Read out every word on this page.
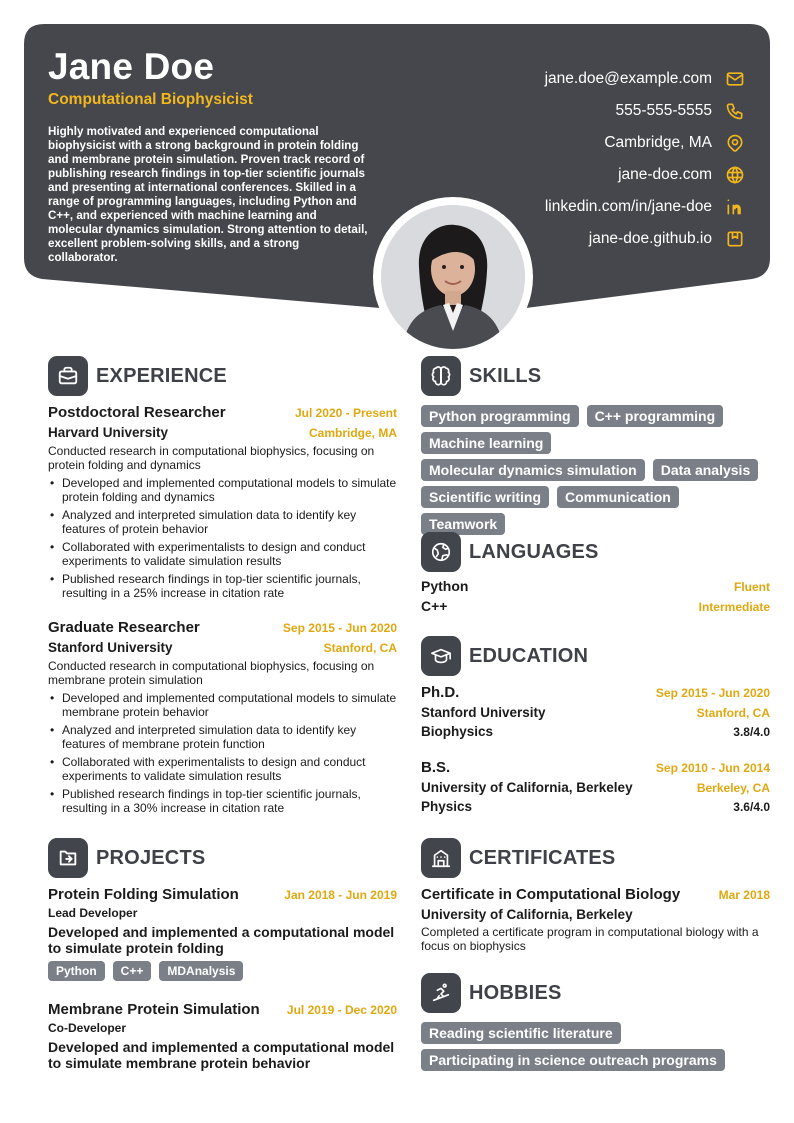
Jane Doe
Computational Biophysicist
Highly motivated and experienced computational biophysicist with a strong background in protein folding and membrane protein simulation. Proven track record of publishing research findings in top-tier scientific journals and presenting at international conferences. Skilled in a range of programming languages, including Python and C++, and experienced with machine learning and molecular dynamics simulation. Strong attention to detail, excellent problem-solving skills, and a strong collaborator.
jane.doe@example.com
555-555-5555
Cambridge, MA
jane-doe.com
linkedin.com/in/jane-doe
jane-doe.github.io
EXPERIENCE
Postdoctoral Researcher	Jul 2020 - Present
Harvard University	Cambridge, MA
Conducted research in computational biophysics, focusing on protein folding and dynamics
• Developed and implemented computational models to simulate protein folding and dynamics
• Analyzed and interpreted simulation data to identify key features of protein behavior
• Collaborated with experimentalists to design and conduct experiments to validate simulation results
• Published research findings in top-tier scientific journals, resulting in a 25% increase in citation rate
Graduate Researcher	Sep 2015 - Jun 2020
Stanford University	Stanford, CA
Conducted research in computational biophysics, focusing on membrane protein simulation
• Developed and implemented computational models to simulate membrane protein behavior
• Analyzed and interpreted simulation data to identify key features of membrane protein function
• Collaborated with experimentalists to design and conduct experiments to validate simulation results
• Published research findings in top-tier scientific journals, resulting in a 30% increase in citation rate
PROJECTS
Protein Folding Simulation	Jan 2018 - Jun 2019
Lead Developer
Developed and implemented a computational model to simulate protein folding
Python	C++	MDAnalysis
Membrane Protein Simulation Jul 2019 - Dec 2020
Co-Developer
Developed and implemented a computational model to simulate membrane protein behavior
SKILLS
Python programming	C++ programming
Machine learning
Molecular dynamics simulation	Data analysis
Scientific writing	Communication
Teamwork
LANGUAGES
Python	Fluent
C++	Intermediate
EDUCATION
Ph.D.	Sep 2015 - Jun 2020
Stanford University	Stanford, CA
Biophysics	3.8/4.0
B.S.	Sep 2010 - Jun 2014
University of California, Berkeley	Berkeley, CA
Physics	3.6/4.0
CERTIFICATES
Certificate in Computational Biology	Mar 2018
University of California, Berkeley
Completed a certificate program in computational biology with a focus on biophysics
HOBBIES
Reading scientific literature
Participating in science outreach programs
